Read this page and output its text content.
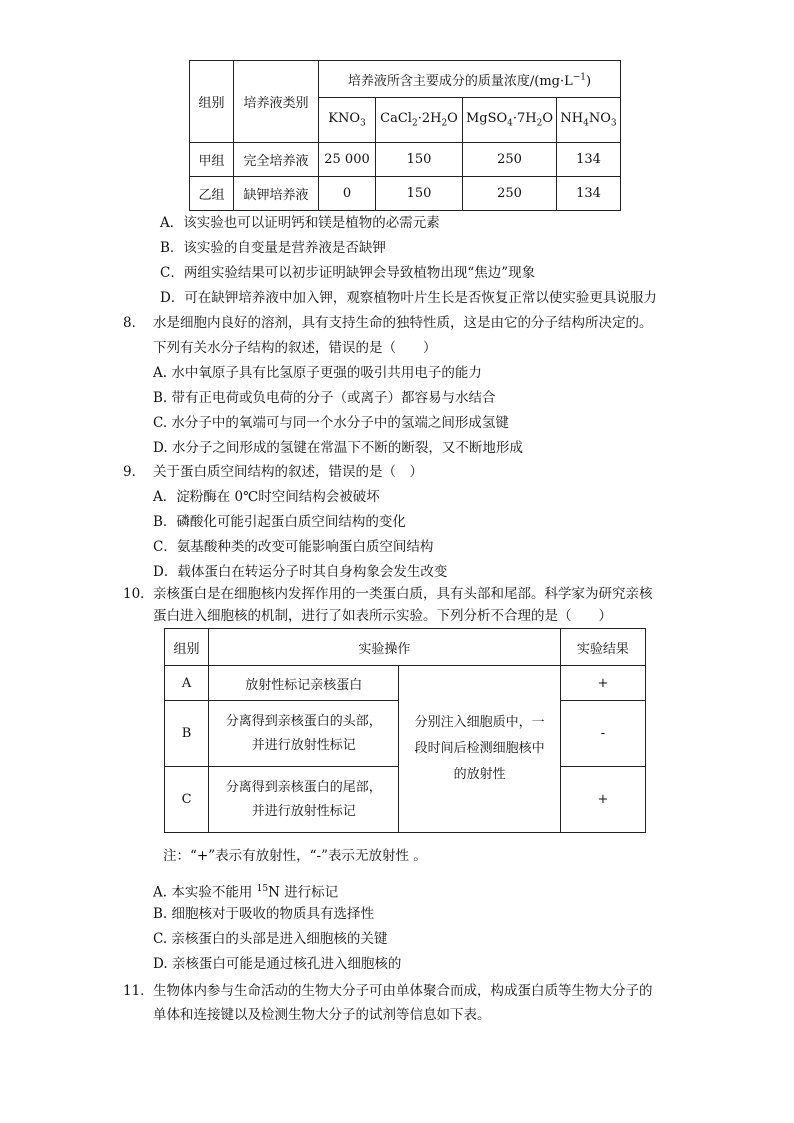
组别	培养液类别	培养液所含主要成分的质量浓度$/(mg\cdot L^{-1})$			
		$KNO_3$	$CaCl_2\cdot 2H_2O$	$MgSO_4\cdot 7H_2O$	$NH_4NO_3$
甲组	完全培养液	25 000	150	250	134
乙组	缺钾培养液	0	150	250	134
A．该实验也可以证明钙和镁是植物的必需元素
B．该实验的自变量是营养液是否缺钾
C．两组实验结果可以初步证明缺钾会导致植物出现“焦边”现象
D．可在缺钾培养液中加入钾，观察植物叶片生长是否恢复正常以使实验更具说服力
8． 水是细胞内良好的溶剂，具有支持生命的独特性质，这是由它的分子结构所决定的。
下列有关水分子结构的叙述，错误的是（　　）
A. 水中氧原子具有比氢原子更强的吸引共用电子的能力
B. 带有正电荷或负电荷的分子（或离子）都容易与水结合
C. 水分子中的氧端可与同一个水分子中的氢端之间形成氢键
D. 水分子之间形成的氢键在常温下不断的断裂，又不断地形成
9． 关于蛋白质空间结构的叙述，错误的是（　）
A．淀粉酶在 0℃时空间结构会被破坏
B．磷酸化可能引起蛋白质空间结构的变化
C．氨基酸种类的改变可能影响蛋白质空间结构
D．载体蛋白在转运分子时其自身构象会发生改变
10． 亲核蛋白是在细胞核内发挥作用的一类蛋白质，具有头部和尾部。科学家为研究亲核
蛋白进入细胞核的机制，进行了如表所示实验。下列分析不合理的是（　　）
组别	实验操作		实验结果
A	放射性标记亲核蛋白	分别注入细胞质中，一
段时间后检测细胞核中
的放射性	+
B	分离得到亲核蛋白的头部，
并进行放射性标记		-
C	分离得到亲核蛋白的尾部，
并进行放射性标记		+
注：“+”表示有放射性，“-”表示无放射性 。
A. 本实验不能用 $^{15}$N 进行标记
B. 细胞核对于吸收的物质具有选择性
C. 亲核蛋白的头部是进入细胞核的关键
D. 亲核蛋白可能是通过核孔进入细胞核的
11． 生物体内参与生命活动的生物大分子可由单体聚合而成，构成蛋白质等生物大分子的
单体和连接键以及检测生物大分子的试剂等信息如下表。
